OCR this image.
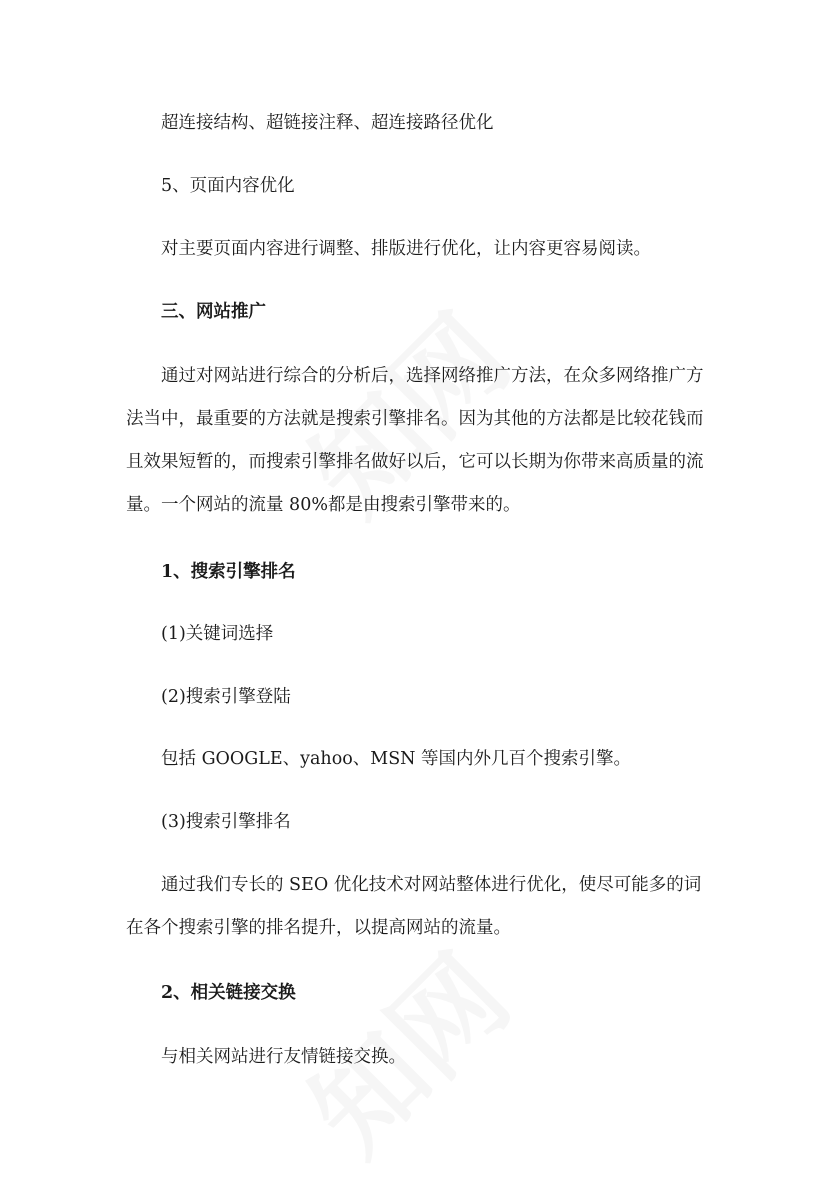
超连接结构、超链接注释、超连接路径优化
5、页面内容优化
对主要页面内容进行调整、排版进行优化，让内容更容易阅读。
三、网站推广
通过对网站进行综合的分析后，选择网络推广方法，在众多网络推广方法当中，最重要的方法就是搜索引擎排名。因为其他的方法都是比较花钱而且效果短暂的，而搜索引擎排名做好以后，它可以长期为你带来高质量的流量。一个网站的流量 80%都是由搜索引擎带来的。
1、搜索引擎排名
(1)关键词选择
(2)搜索引擎登陆
包括 GOOGLE、yahoo、MSN 等国内外几百个搜索引擎。
(3)搜索引擎排名
通过我们专长的 SEO 优化技术对网站整体进行优化，使尽可能多的词在各个搜索引擎的排名提升，以提高网站的流量。
2、相关链接交换
与相关网站进行友情链接交换。
